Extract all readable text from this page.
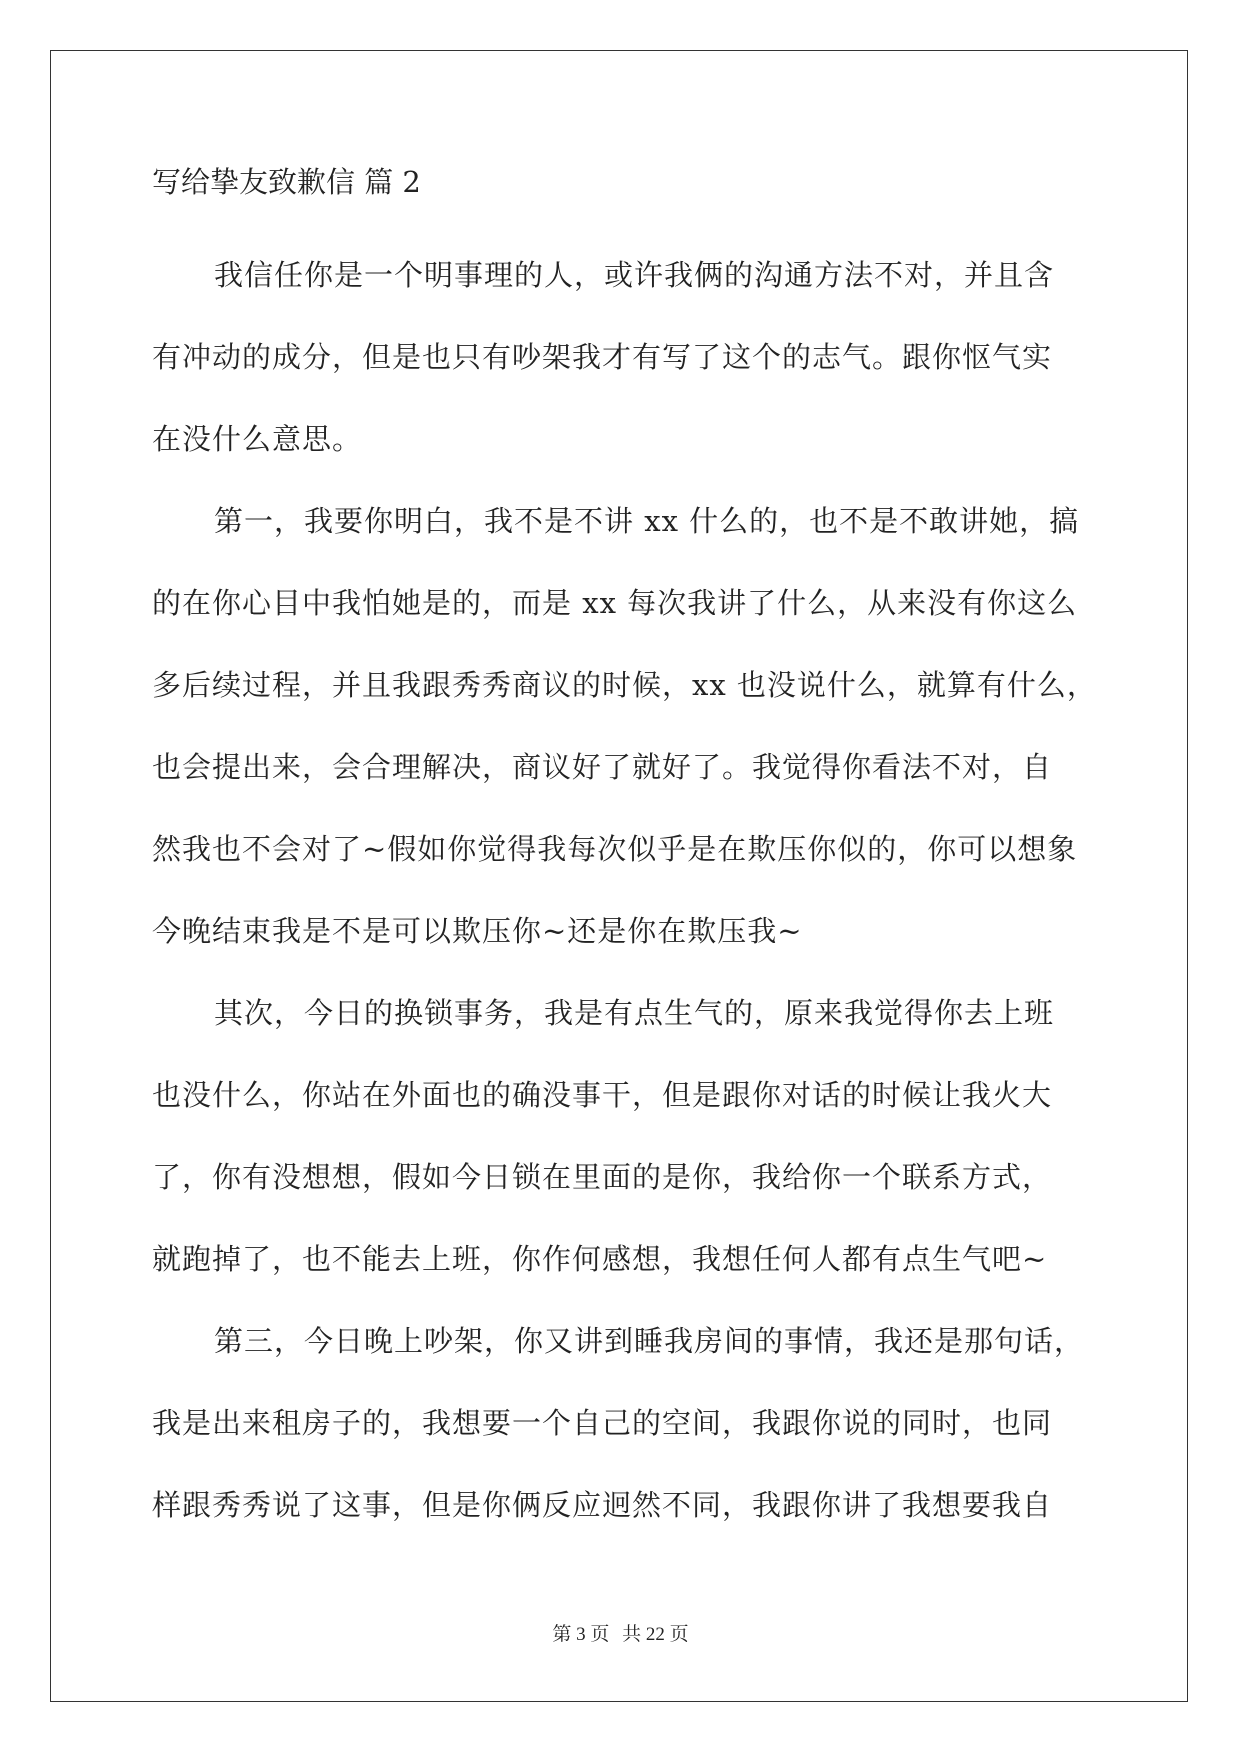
写给挚友致歉信 篇 2

我信任你是一个明事理的人，或许我俩的沟通方法不对，并且含

有冲动的成分，但是也只有吵架我才有写了这个的志气。跟你怄气实

在没什么意思。

第一，我要你明白，我不是不讲 xx 什么的，也不是不敢讲她，搞

的在你心目中我怕她是的，而是 xx 每次我讲了什么，从来没有你这么

多后续过程，并且我跟秀秀商议的时候，xx 也没说什么，就算有什么，

也会提出来，会合理解决，商议好了就好了。我觉得你看法不对，自

然我也不会对了~假如你觉得我每次似乎是在欺压你似的，你可以想象

今晚结束我是不是可以欺压你~还是你在欺压我~

其次，今日的换锁事务，我是有点生气的，原来我觉得你去上班

也没什么，你站在外面也的确没事干，但是跟你对话的时候让我火大

了，你有没想想，假如今日锁在里面的是你，我给你一个联系方式，

就跑掉了，也不能去上班，你作何感想，我想任何人都有点生气吧~

第三，今日晚上吵架，你又讲到睡我房间的事情，我还是那句话，

我是出来租房子的，我想要一个自己的空间，我跟你说的同时，也同

样跟秀秀说了这事，但是你俩反应迥然不同，我跟你讲了我想要我自

第 3 页 共 22 页
